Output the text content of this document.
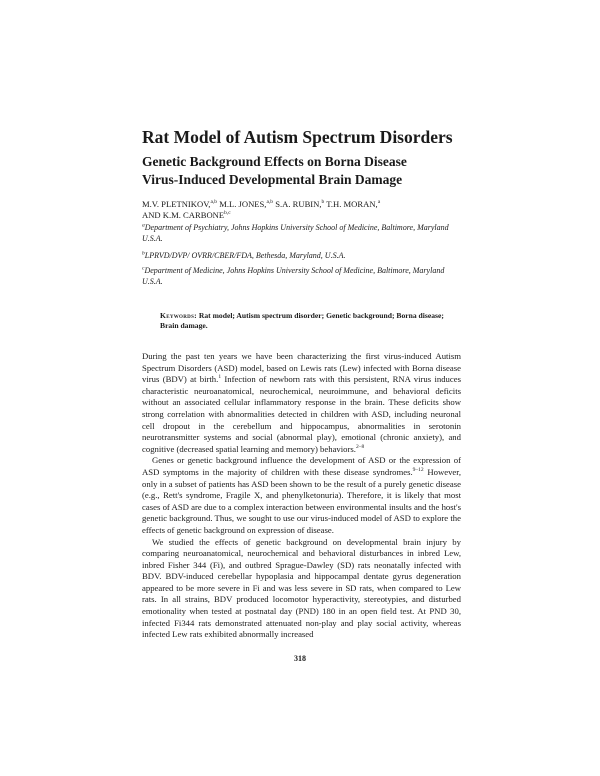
Rat Model of Autism Spectrum Disorders
Genetic Background Effects on Borna Disease
Virus-Induced Developmental Brain Damage
M.V. PLETNIKOV,$^{a,b}$ M.L. JONES,$^{a,b}$ S.A. RUBIN,$^b$ T.H. MORAN,$^a$
AND K.M. CARBONE$^{b,c}$
$^a$Department of Psychiatry, Johns Hopkins University School of Medicine, Baltimore, Maryland U.S.A.
$^b$LPRVD/DVP/ OVRR/CBER/FDA, Bethesda, Maryland, U.S.A.
$^c$Department of Medicine, Johns Hopkins University School of Medicine, Baltimore, Maryland U.S.A.
Keywords: Rat model; Autism spectrum disorder; Genetic background; Borna disease; Brain damage.

During the past ten years we have been characterizing the first virus-induced Autism Spectrum Disorders (ASD) model, based on Lewis rats (Lew) infected with Borna disease virus (BDV) at birth.$^1$ Infection of newborn rats with this persistent, RNA virus induces characteristic neuroanatomical, neurochemical, neuroimmune, and behavioral deficits without an associated cellular inflammatory response in the brain. These deficits show strong correlation with abnormalities detected in children with ASD, including neuronal cell dropout in the cerebellum and hippocampus, abnormalities in serotonin neurotransmitter systems and social (abnormal play), emotional (chronic anxiety), and cognitive (decreased spatial learning and memory) behaviors.$^{2-8}$

Genes or genetic background influence the development of ASD or the expression of ASD symptoms in the majority of children with these disease syndromes.$^{9-12}$ However, only in a subset of patients has ASD been shown to be the result of a purely genetic disease (e.g., Rett's syndrome, Fragile X, and phenylketonuria). Therefore, it is likely that most cases of ASD are due to a complex interaction between environmental insults and the host's genetic background. Thus, we sought to use our virus-induced model of ASD to explore the effects of genetic background on expression of disease.

We studied the effects of genetic background on developmental brain injury by comparing neuroanatomical, neurochemical and behavioral disturbances in inbred Lew, inbred Fisher 344 (Fi), and outbred Sprague-Dawley (SD) rats neonatally infected with BDV. BDV-induced cerebellar hypoplasia and hippocampal dentate gyrus degeneration appeared to be more severe in Fi and was less severe in SD rats, when compared to Lew rats. In all strains, BDV produced locomotor hyperactivity, stereotypies, and disturbed emotionality when tested at postnatal day (PND) 180 in an open field test. At PND 30, infected Fi344 rats demonstrated attenuated non-play and play social activity, whereas infected Lew rats exhibited abnormally increased

318
